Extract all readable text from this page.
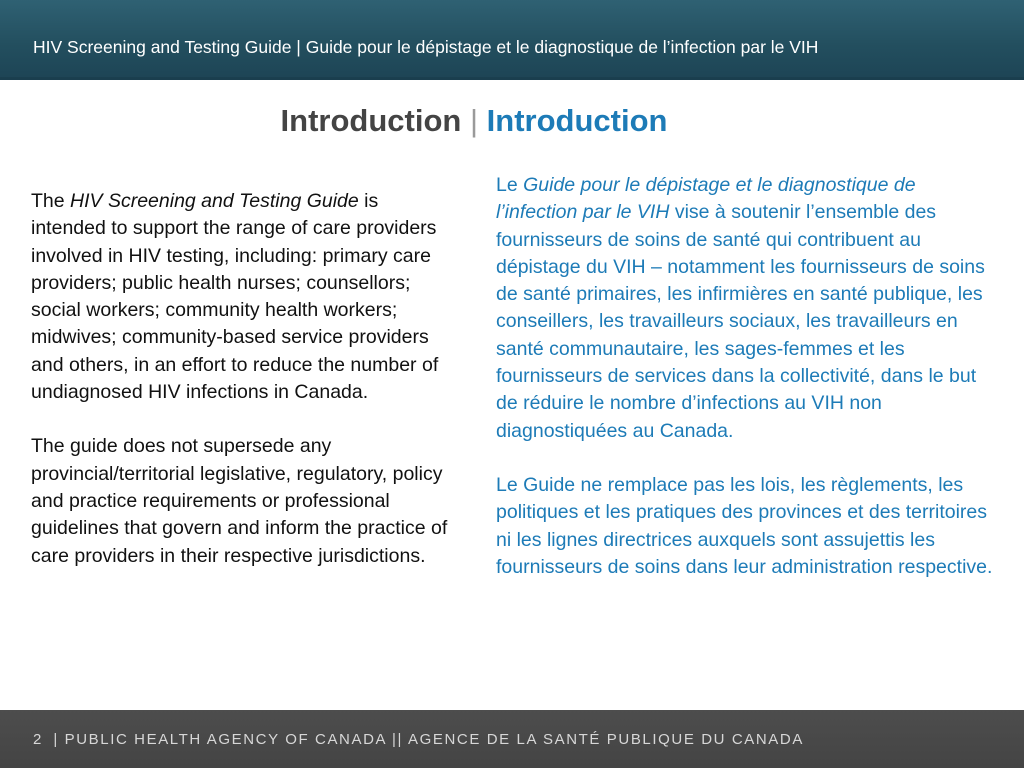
HIV Screening and Testing Guide | Guide pour le dépistage et le diagnostique de l’infection par le VIH
Introduction | Introduction

The HIV Screening and Testing Guide is intended to support the range of care providers involved in HIV testing, including: primary care providers; public health nurses; counsellors; social workers; community health workers; midwives; community-based service providers and others, in an effort to reduce the number of undiagnosed HIV infections in Canada.

The guide does not supersede any provincial/territorial legislative, regulatory, policy and practice requirements or professional guidelines that govern and inform the practice of care providers in their respective jurisdictions.

Le Guide pour le dépistage et le diagnostique de l’infection par le VIH vise à soutenir l’ensemble des fournisseurs de soins de santé qui contribuent au dépistage du VIH – notamment les fournisseurs de soins de santé primaires, les infirmières en santé publique, les conseillers, les travailleurs sociaux, les travailleurs en santé communautaire, les sages-femmes et les fournisseurs de services dans la collectivité, dans le but de réduire le nombre d’infections au VIH non diagnostiquées au Canada.

Le Guide ne remplace pas les lois, les règlements, les politiques et les pratiques des provinces et des territoires ni les lignes directrices auxquels sont assujettis les fournisseurs de soins dans leur administration respective.

2 | PUBLIC HEALTH AGENCY OF CANADA || AGENCE DE LA SANTÉ PUBLIQUE DU CANADA
